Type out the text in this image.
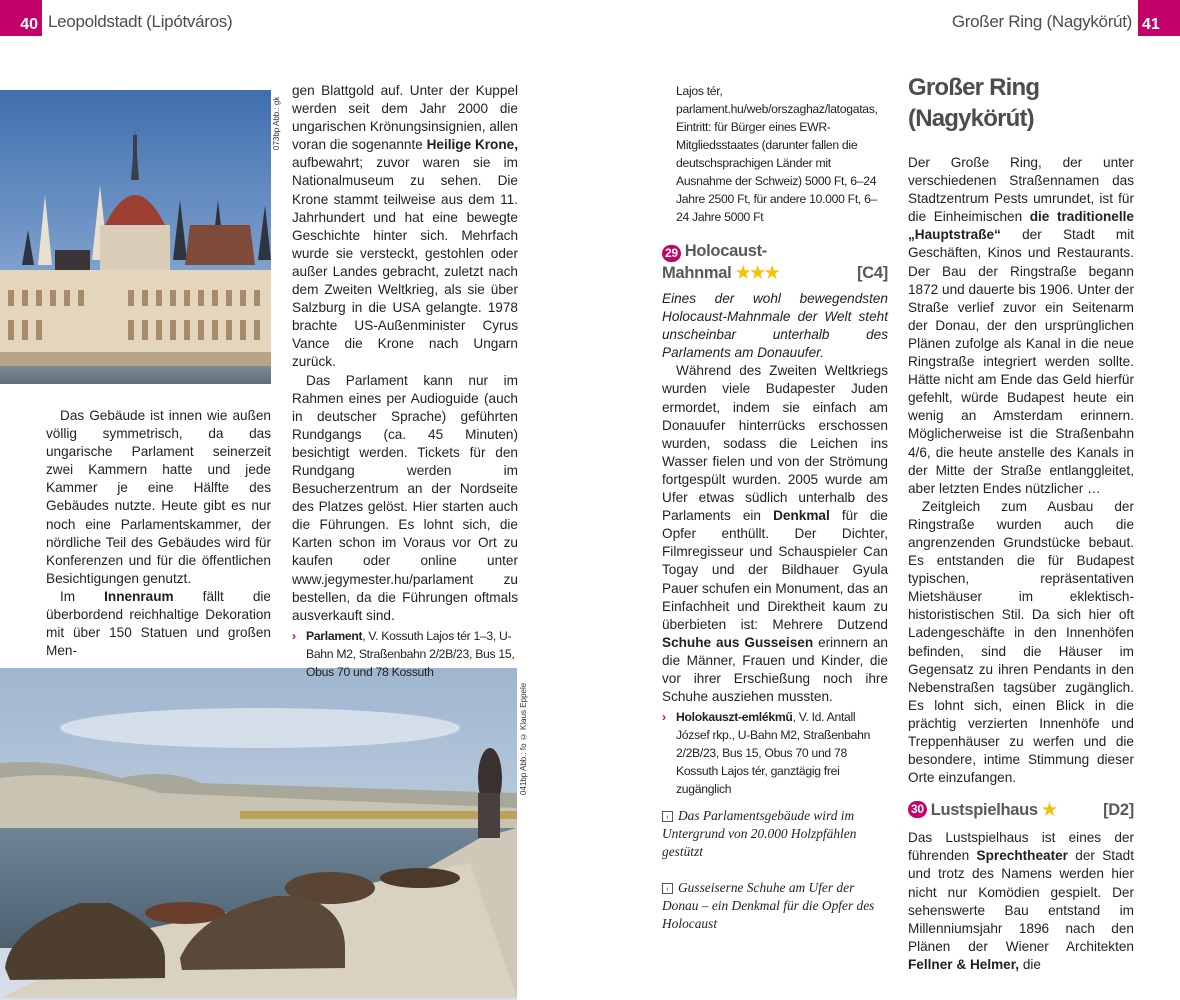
40 Leopoldstadt (Lipótváros)	Großer Ring (Nagykörút) 41
073bp Abb.: gk
041bp Abb.: fo © Klaus Eppele

Das Gebäude ist innen wie außen völlig symmetrisch, da das ungarische Parlament seinerzeit zwei Kammern hatte und jede Kammer je eine Hälfte des Gebäudes nutzte. Heute gibt es nur noch eine Parlamentskammer, der nördliche Teil des Gebäudes wird für Konferenzen und für die öffentlichen Besichtigungen genutzt.

Im Innenraum fällt die überbordend reichhaltige Dekoration mit über 150 Statuen und großen Men-

gen Blattgold auf. Unter der Kuppel werden seit dem Jahr 2000 die ungarischen Krönungsinsignien, allen voran die sogenannte Heilige Krone, aufbewahrt; zuvor waren sie im Nationalmuseum zu sehen. Die Krone stammt teilweise aus dem 11. Jahrhundert und hat eine bewegte Geschichte hinter sich. Mehrfach wurde sie versteckt, gestohlen oder außer Landes gebracht, zuletzt nach dem Zweiten Weltkrieg, als sie über Salzburg in die USA gelangte. 1978 brachte US-Außenminister Cyrus Vance die Krone nach Ungarn zurück.

Das Parlament kann nur im Rahmen eines per Audioguide (auch in deutscher Sprache) geführten Rundgangs (ca. 45 Minuten) besichtigt werden. Tickets für den Rundgang werden im Besucherzentrum an der Nordseite des Platzes gelöst. Hier starten auch die Führungen. Es lohnt sich, die Karten schon im Voraus vor Ort zu kaufen oder online unter www.jegymester.hu/parlament zu bestellen, da die Führungen oftmals ausverkauft sind.

› Parlament, V. Kossuth Lajos tér 1–3, U-Bahn M2, Straßenbahn 2/2B/23, Bus 15, Obus 70 und 78 Kossuth
Lajos tér, parlament.hu/web/orszaghaz/latogatas, Eintritt: für Bürger eines EWR-Mitgliedsstaates (darunter fallen die deutschsprachigen Länder mit Ausnahme der Schweiz) 5000 Ft, 6–24 Jahre 2500 Ft, für andere 10.000 Ft, 6–24 Jahre 5000 Ft
29 Holocaust-
Mahnmal ★★★	[C4]

Eines der wohl bewegendsten Holocaust-Mahnmale der Welt steht unscheinbar unterhalb des Parlaments am Donauufer.

Während des Zweiten Weltkriegs wurden viele Budapester Juden ermordet, indem sie einfach am Donauufer hinterrücks erschossen wurden, sodass die Leichen ins Wasser fielen und von der Strömung fortgespült wurden. 2005 wurde am Ufer etwas südlich unterhalb des Parlaments ein Denkmal für die Opfer enthüllt. Der Dichter, Filmregisseur und Schauspieler Can Togay und der Bildhauer Gyula Pauer schufen ein Monument, das an Einfachheit und Direktheit kaum zu überbieten ist: Mehrere Dutzend Schuhe aus Gusseisen erinnern an die Männer, Frauen und Kinder, die vor ihrer Erschießung noch ihre Schuhe ausziehen mussten.

› Holokauszt-emlékmű, V. Id. Antall József rkp., U-Bahn M2, Straßenbahn 2/2B/23, Bus 15, Obus 70 und 78 Kossuth Lajos tér, ganztägig frei zugänglich
‹ Das Parlamentsgebäude wird im Untergrund von 20.000 Holzpfählen gestützt
‹ Gusseiserne Schuhe am Ufer der Donau – ein Denkmal für die Opfer des Holocaust
Großer Ring
(Nagykörút)

Der Große Ring, der unter verschiedenen Straßennamen das Stadtzentrum Pests umrundet, ist für die Einheimischen die traditionelle „Hauptstraße“ der Stadt mit Geschäften, Kinos und Restaurants. Der Bau der Ringstraße begann 1872 und dauerte bis 1906. Unter der Straße verlief zuvor ein Seitenarm der Donau, der den ursprünglichen Plänen zufolge als Kanal in die neue Ringstraße integriert werden sollte. Hätte nicht am Ende das Geld hierfür gefehlt, würde Budapest heute ein wenig an Amsterdam erinnern. Möglicherweise ist die Straßenbahn 4/6, die heute anstelle des Kanals in der Mitte der Straße entlanggleitet, aber letzten Endes nützlicher …

Zeitgleich zum Ausbau der Ringstraße wurden auch die angrenzenden Grundstücke bebaut. Es entstanden die für Budapest typischen, repräsentativen Mietshäuser im eklektisch-historistischen Stil. Da sich hier oft Ladengeschäfte in den Innenhöfen befinden, sind die Häuser im Gegensatz zu ihren Pendants in den Nebenstraßen tagsüber zugänglich. Es lohnt sich, einen Blick in die prächtig verzierten Innenhöfe und Treppenhäuser zu werfen und die besondere, intime Stimmung dieser Orte einzufangen.

30 Lustspielhaus ★	[D2]

Das Lustspielhaus ist eines der führenden Sprechtheater der Stadt und trotz des Namens werden hier nicht nur Komödien gespielt. Der sehenswerte Bau entstand im Millenniumsjahr 1896 nach den Plänen der Wiener Architekten Fellner & Helmer, die
